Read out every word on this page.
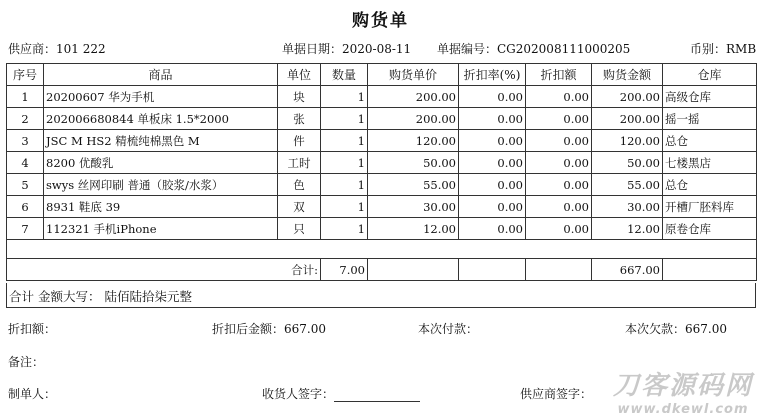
购货单
供应商：101 222	单据日期：2020-08-11 单据编号：CG202008111000205	币别：RMB
序号	商品	单位	数量	购货单价	折扣率(%)	折扣额	购货金额	仓库
1	20200607 华为手机	块	1	200.00	0.00	0.00	200.00	高级仓库
2	202006680844 单板床 1.5*2000	张	1	200.00	0.00	0.00	200.00	摇一摇
3	JSC M HS2 精梳纯棉黑色 M	件	1	120.00	0.00	0.00	120.00	总仓
4	8200 优酸乳	工时	1	50.00	0.00	0.00	50.00	七楼黑店
5	swys 丝网印刷 普通（胶浆/水浆）	色	1	55.00	0.00	0.00	55.00	总仓
6	8931 鞋底 39	双	1	30.00	0.00	0.00	30.00	开槽厂胚料库
7	112321 手机iPhone	只	1	12.00	0.00	0.00	12.00	原卷仓库

合计:	7.00				667.00	
合计 金额大写： 陆佰陆拾柒元整
折扣额：	折扣后金额：667.00	本次付款：	本次欠款：667.00
备注：
制单人：	收货人签字：	供应商签字： 刀客源码网
www.dkewl.com
